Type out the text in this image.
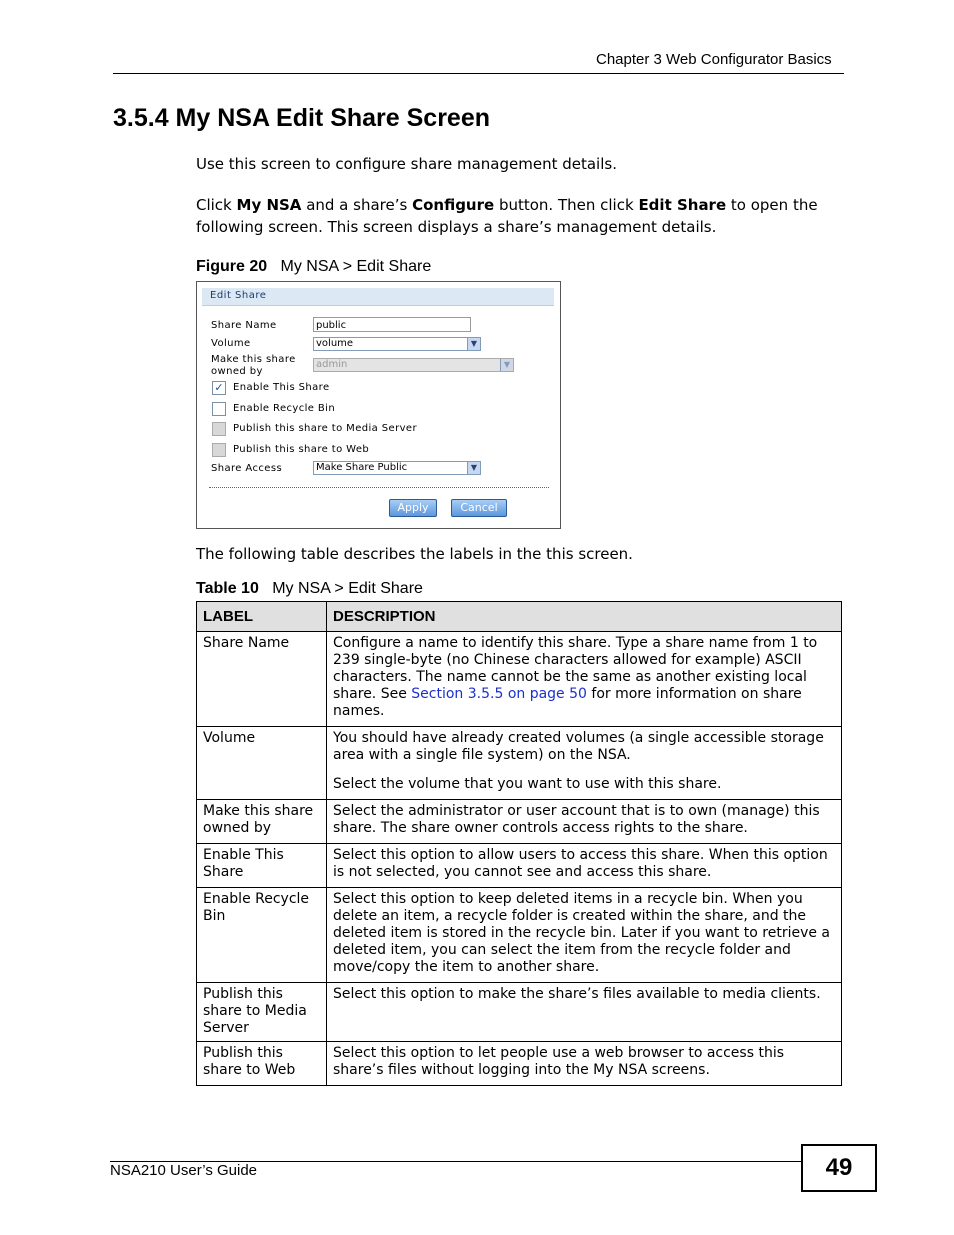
Chapter 3 Web Configurator Basics
3.5.4 My NSA Edit Share Screen
Use this screen to configure share management details.
Click My NSA and a share’s Configure button. Then click Edit Share to open the following screen. This screen displays a share’s management details.
Figure 20 My NSA > Edit Share
Edit Share
Share Name	public
Volume	volume	▼
Make this share owned by
admin	▼
✓ Enable This Share
Enable Recycle Bin
Publish this share to Media Server
Publish this share to Web
Share Access	Make Share Public	▼
Apply	Cancel
The following table describes the labels in the this screen.
Table 10 My NSA > Edit Share
LABEL	DESCRIPTION
Share Name	Configure a name to identify this share. Type a share name from 1 to 239 single-byte (no Chinese characters allowed for example) ASCII characters. The name cannot be the same as another existing local share. See Section 3.5.5 on page 50 for more information on share names.
Volume	You should have already created volumes (a single accessible storage area with a single file system) on the NSA.

Select the volume that you want to use with this share.

Make this share owned by	Select the administrator or user account that is to own (manage) this share. The share owner controls access rights to the share.
Enable This Share	Select this option to allow users to access this share. When this option is not selected, you cannot see and access this share.
Enable Recycle Bin	Select this option to keep deleted items in a recycle bin. When you delete an item, a recycle folder is created within the share, and the deleted item is stored in the recycle bin. Later if you want to retrieve a deleted item, you can select the item from the recycle folder and move/copy the item to another share.
Publish this share to Media Server	Select this option to make the share’s files available to media clients.
Publish this share to Web	Select this option to let people use a web browser to access this share’s files without logging into the My NSA screens.
NSA210 User’s Guide	49
